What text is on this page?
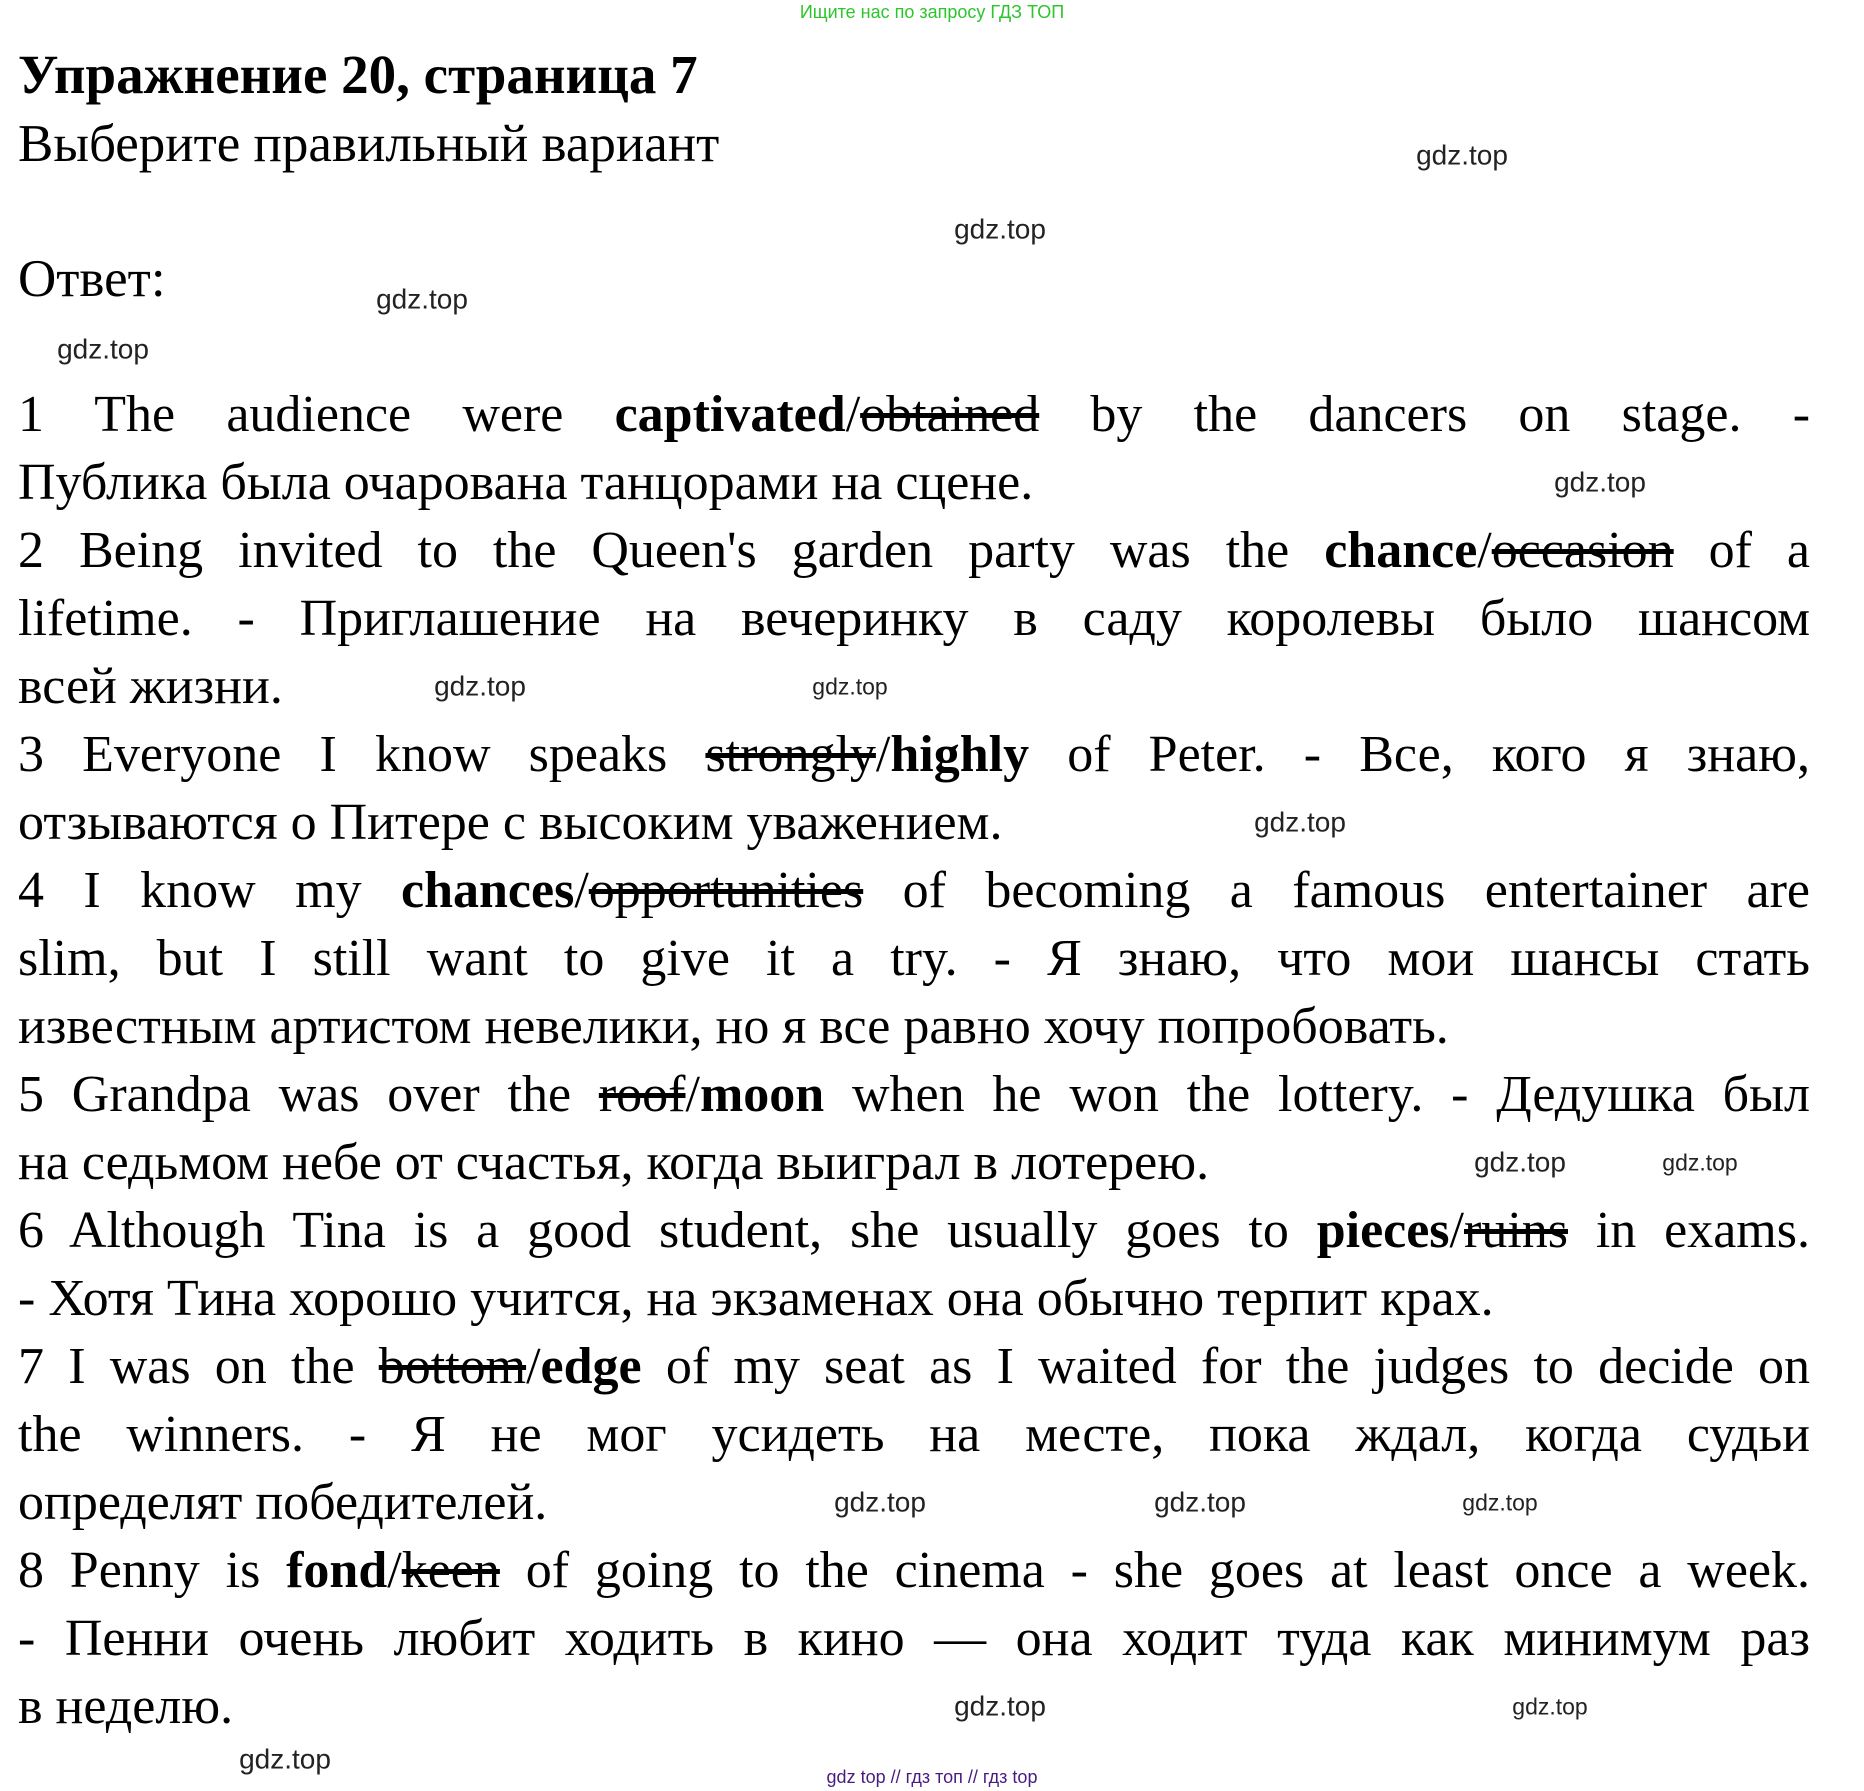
Ищите нас по запросу ГДЗ ТОП
Упражнение 20, страница 7
Выберите правильный вариант
Ответ:
1 The audience were captivated/obtained by the dancers on stage. -
Публика была очарована танцорами на сцене.
2 Being invited to the Queen's garden party was the chance/occasion of a
lifetime. - Приглашение на вечеринку в саду королевы было шансом
всей жизни.
3 Everyone I know speaks strongly/highly of Peter. - Все, кого я знаю,
отзываются о Питере с высоким уважением.
4 I know my chances/opportunities of becoming a famous entertainer are
slim, but I still want to give it a try. - Я знаю, что мои шансы стать
известным артистом невелики, но я все равно хочу попробовать.
5 Grandpa was over the roof/moon when he won the lottery. - Дедушка был
на седьмом небе от счастья, когда выиграл в лотерею.
6 Although Tina is a good student, she usually goes to pieces/ruins in exams.
- Хотя Тина хорошо учится, на экзаменах она обычно терпит крах.
7 I was on the bottom/edge of my seat as I waited for the judges to decide on
the winners. - Я не мог усидеть на месте, пока ждал, когда судьи
определят победителей.
8 Penny is fond/keen of going to the cinema - she goes at least once a week.
- Пенни очень любит ходить в кино — она ходит туда как минимум раз
в неделю.
gdz.top
gdz.top
gdz.top
gdz.top
gdz.top
gdz.top	gdz.top
gdz.top
gdz.top
gdz.top
gdz.top	gdz.top
gdz.top
gdz.top
gdz.top
gdz.top
gdz top // гдз топ // гдз top
